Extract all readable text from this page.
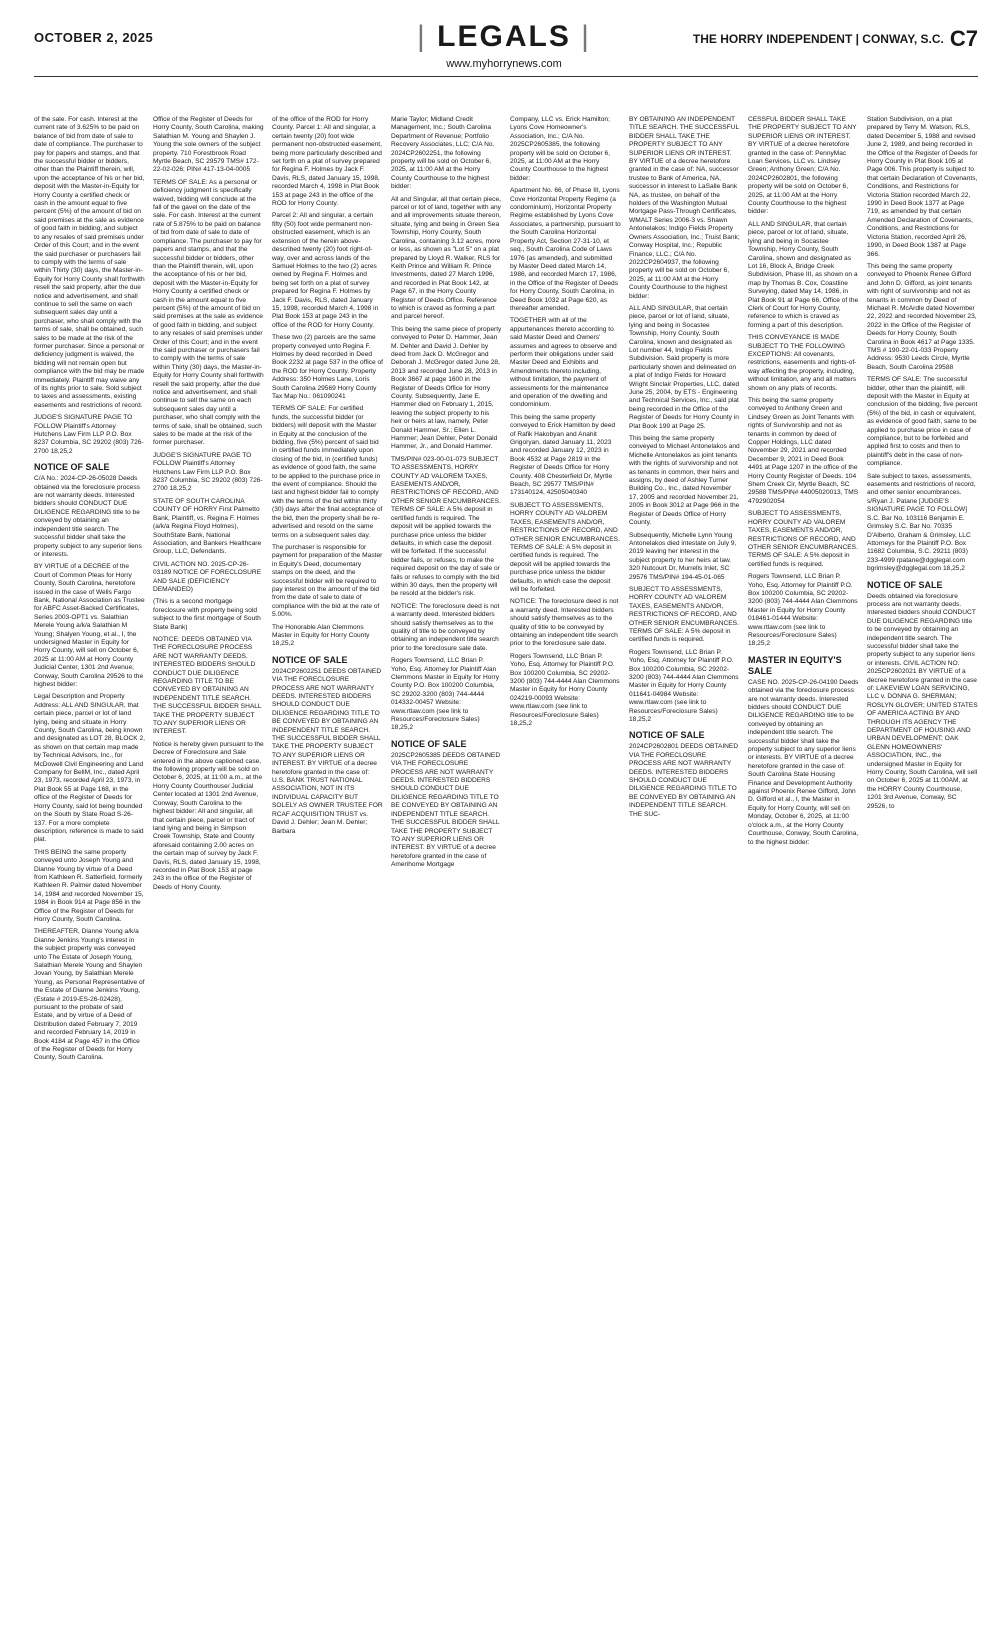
OCTOBER 2, 2025	| LEGALS |	THE HORRY INDEPENDENT | CONWAY, S.C. C7
www.myhorrynews.com

of the sale. For cash. Interest at the current rate of 3.625% to be paid on balance of bid from date of sale to date of compliance. The purchaser to pay for papers and stamps, and that the successful bidder or bidders, other than the Plaintiff therein, will, upon the acceptance of his or her bid, deposit with the Master-in-Equity for Horry County a certified check or cash in the amount equal to five percent (5%) of the amount of bid on said premises at the sale as evidence of good faith in bidding, and subject to any resales of said premises under Order of this Court; and in the event the said purchaser or purchasers fail to comply with the terms of sale within Thirty (30) days, the Master-in-Equity for Horry County shall forthwith resell the said property, after the due notice and advertisement, and shall continue to sell the same on each subsequent sales day until a purchaser, who shall comply with the terms of sale, shall be obtained, such sales to be made at the risk of the former purchaser. Since a personal or deficiency judgment is waived, the bidding will not remain open but compliance with the bid may be made immediately. Plaintiff may waive any of its rights prior to sale. Sold subject to taxes and assessments, existing easements and restrictions of record.

JUDGE'S SIGNATURE PAGE TO FOLLOW Plaintiff's Attorney Hutchens Law Firm LLP P.O. Box 8237 Columbia, SC 29202 (803) 726-2700 18,25,2

NOTICE OF SALE

C/A No.: 2024-CP-26-05028 Deeds obtained via the foreclosure process are not warranty deeds. Interested bidders should CONDUCT DUE DILIGENCE REGARDING title to be conveyed by obtaining an independent title search. The successful bidder shall take the property subject to any superior liens or interests.

BY VIRTUE of a DECREE of the Court of Common Pleas for Horry County, South Carolina, heretofore issued in the case of Wells Fargo Bank, National Association as Trustee for ABFC Asset-Backed Certificates, Series 2003-OPT1 vs. Salathian Merele Young a/k/a Salathian M Young; Shalyen Young, et al., I, the undersigned Master in Equity for Horry County, will sell on October 6, 2025 at 11:00 AM at Horry County Judicial Center, 1301 2nd Avenue, Conway, South Carolina 29526 to the highest bidder:

Legal Description and Property Address: ALL AND SINGULAR, that certain piece, parcel or lot of land lying, being and situate in Horry County, South Carolina, being known and designated as LOT 28, BLOCK 2, as shown on that certain map made by Technical Advisors, Inc., for McDowell Civil Engineering and Land Company for BellM, Inc., dated April 23, 1973, recorded April 23, 1973, in Plat Book 55 at Page 168, in the office of the Register of Deeds for Horry County, said lot being bounded on the South by State Road S-26-137. For a more complete description, reference is made to said plat.

THIS BEING the same property conveyed unto Joseph Young and Dianne Young by virtue of a Deed from Kathleen R. Satterfield, formerly Kathleen R. Palmer dated November 14, 1984 and recorded November 15, 1984 in Book 914 at Page 856 in the Office of the Register of Deeds for Horry County, South Carolina.

THEREAFTER, Dianne Young a/k/a Dianne Jenkins Young's interest in the subject property was conveyed unto The Estate of Joseph Young, Salathian Merele Young and Shaylen Jovan Young, by Salathian Merele Young, as Personal Representative of the Estate of Dianne Jenkins Young, (Estate # 2019-ES-26-02428), pursuant to the probate of said Estate, and by virtue of a Deed of Distribution dated February 7, 2019 and recorded February 14, 2019 in Book 4184 at Page 457 in the Office of the Register of Deeds for Horry County, South Carolina.

Office of the Register of Deeds for Horry County, South Carolina, making Salathian M. Young and Shaylen J. Young the sole owners of the subject property. 710 Forestbrook Road Myrtle Beach, SC 29579 TMS# 172-22-02-026; PIN# 417-13-04-0005

TERMS OF SALE: As a personal or deficiency judgment is specifically waived, bidding will conclude at the fall of the gavel on the date of the sale. For cash. Interest at the current rate of 5.875% to be paid on balance of bid from date of sale to date of compliance. The purchaser to pay for papers and stamps, and that the successful bidder or bidders, other than the Plaintiff therein, will, upon the acceptance of his or her bid, deposit with the Master-in-Equity for Horry County a certified check or cash in the amount equal to five percent (5%) of the amount of bid on said premises at the sale as evidence of good faith in bidding, and subject to any resales of said premises under Order of this Court; and in the event the said purchaser or purchasers fail to comply with the terms of sale within Thirty (30) days, the Master-in-Equity for Horry County shall forthwith resell the said property, after the due notice and advertisement, and shall continue to sell the same on each subsequent sales day until a purchaser, who shall comply with the terms of sale, shall be obtained, such sales to be made at the risk of the former purchaser.

JUDGE'S SIGNATURE PAGE TO FOLLOW Plaintiff's Attorney Hutchens Law Firm LLP P.O. Box 8237 Columbia, SC 29202 (803) 726-2700 18,25,2

STATE OF SOUTH CAROLINA COUNTY OF HORRY First Palmetto Bank, Plaintiff, vs. Regina F. Holmes (a/k/a Regina Floyd Holmes), SouthState Bank, National Association, and Bankers Healthcare Group, LLC, Defendants.

CIVIL ACTION NO. 2025-CP-26-03189 NOTICE OF FORECLOSURE AND SALE (DEFICIENCY DEMANDED)

(This is a second mortgage foreclosure with property being sold subject to the first mortgage of South State Bank)

NOTICE: DEEDS OBTAINED VIA THE FORECLOSURE PROCESS ARE NOT WARRANTY DEEDS. INTERESTED BIDDERS SHOULD CONDUCT DUE DILIGENCE REGARDING TITLE TO BE CONVEYED BY OBTAINING AN INDEPENDENT TITLE SEARCH. THE SUCCESSFUL BIDDER SHALL TAKE THE PROPERTY SUBJECT TO ANY SUPERIOR LIENS OR INTEREST.

Notice is hereby given pursuant to the Decree of Foreclosure and Sale entered in the above captioned case, the following property will be sold on October 6, 2025, at 11:00 a.m., at the Horry County Courthouse/ Judicial Center located at 1301 2nd Avenue, Conway, South Carolina to the highest bidder: All and singular, all that certain piece, parcel or tract of land lying and being in Simpson Creek Township, State and County aforesaid containing 2.00 acres on the certain map of survey by Jack F. Davis, RLS, dated January 15, 1998, recorded in Plat Book 153 at page 243 in the office of the Register of Deeds of Horry County.

of the office of the ROD for Horry County. Parcel 1: All and singular, a certain twenty (20) foot wide permanent non-obstructed easement, being more particularly described and set forth on a plat of survey prepared for Regina F. Holmes by Jack F. Davis, RLS, dated January 15, 1998, recorded March 4, 1998 in Plat Book 153 at page 243 in the office of the ROD for Horry County.

Parcel 2: All and singular, a certain fifty (50) foot wide permanent non-obstructed easement, which is an extension of the herein above-described twenty (20) foot right-of-way, over and across lands of the Samuel Holmes to the two (2) acres owned by Regina F. Holmes and being set forth on a plat of survey prepared for Regina F. Holmes by Jack F. Davis, RLS, dated January 15, 1998, recorded March 4, 1998 in Plat Book 153 at page 243 in the office of the ROD for Horry County.

These two (2) parcels are the same property conveyed unto Regina F. Holmes by deed recorded in Deed Book 2232 at page 537 in the office of the ROD for Horry County. Property Address: 350 Holmes Lane, Loris South Carolina 29569 Horry County Tax Map No.: 061090241

TERMS OF SALE: For certified funds, the successful bidder (or bidders) will deposit with the Master in Equity at the conclusion of the bidding, five (5%) percent of said bid in certified funds immediately upon closing of the bid, in (certified funds) as evidence of good faith, the same to be applied to the purchase price in the event of compliance. Should the last and highest bidder fail to comply with the terms of the bid within thirty (30) days after the final acceptance of the bid, then the property shall be re-advertised and resold on the same terms on a subsequent sales day.

The purchaser is responsible for payment for preparation of the Master in Equity's Deed, documentary stamps on the deed, and the successful bidder will be required to pay interest on the amount of the bid from the date of sale to date of compliance with the bid at the rate of 5.00%.

The Honorable Alan Clemmons Master in Equity for Horry County 18,25,2

NOTICE OF SALE

2024CP2602251 DEEDS OBTAINED VIA THE FORECLOSURE PROCESS ARE NOT WARRANTY DEEDS. INTERESTED BIDDERS SHOULD CONDUCT DUE DILIGENCE REGARDING TITLE TO BE CONVEYED BY OBTAINING AN INDEPENDENT TITLE SEARCH. THE SUCCESSFUL BIDDER SHALL TAKE THE PROPERTY SUBJECT TO ANY SUPERIOR LIENS OR INTEREST. BY VIRTUE of a decree heretofore granted in the case of: U.S. BANK TRUST NATIONAL ASSOCIATION, NOT IN ITS INDIVIDUAL CAPACITY BUT SOLELY AS OWNER TRUSTEE FOR RCAF ACQUISITION TRUST vs. David J. Dehler; Jean M. Dehler; Barbara

Marie Taylor; Midland Credit Management, Inc.; South Carolina Department of Revenue; Portfolio Recovery Associates, LLC; C/A No. 2024CP2602251, the following property will be sold on October 6, 2025, at 11:00 AM at the Horry County Courthouse to the highest bidder:

All and Singular, all that certain piece, parcel or lot of land, together with any and all improvements situate thereon, situate, lying and being in Green Sea Township, Horry County, South Carolina, containing 3.12 acres, more or less, as shown as "Lot 5" on a plat prepared by Lloyd R. Walker, RLS for Keith Prince and William R. Prince Investments, dated 27 March 1996, and recorded in Plat Book 142, at Page 67, in the Horry County Register of Deeds Office. Reference to which is craved as forming a part and parcel hereof.

This being the same piece of property conveyed to Peter D. Hammer, Jean M. Dehler and David J. Dehler by deed from Jack D. McGregor and Deborah J. McGregor dated June 28, 2013 and recorded June 28, 2013 in Book 3667 at page 1600 in the Register of Deeds Office for Horry County. Subsequently, Jane E. Hammer died on February 1, 2015, leaving the subject property to his heir or heirs at law, namely, Peter Donald Hammer, Sr.; Ellen L. Hammer; Jean Dehler, Peter Donald Hammer, Jr., and Donald Hammer.

TMS/PIN# 023-00-01-073 SUBJECT TO ASSESSMENTS, HORRY COUNTY AD VALOREM TAXES, EASEMENTS AND/OR, RESTRICTIONS OF RECORD, AND OTHER SENIOR ENCUMBRANCES. TERMS OF SALE: A 5% deposit in certified funds is required. The deposit will be applied towards the purchase price unless the bidder defaults, in which case the deposit will be forfeited. If the successful bidder fails, or refuses, to make the required deposit on the day of sale or fails or refuses to comply with the bid within 30 days, then the property will be resold at the bidder's risk.

NOTICE: The foreclosure deed is not a warranty deed. Interested bidders should satisfy themselves as to the quality of title to be conveyed by obtaining an independent title search prior to the foreclosure sale date.

Rogers Townsend, LLC Brian P. Yoho, Esq. Attorney for Plaintiff Alan Clemmons Master in Equity for Horry County P.O. Box 100200 Columbia, SC 29202-3200 (803) 744-4444 014332-00457 Website: www.rtlaw.com (see link to Resources/Foreclosure Sales) 18,25,2

NOTICE OF SALE

2025CP2605385 DEEDS OBTAINED VIA THE FORECLOSURE PROCESS ARE NOT WARRANTY DEEDS. INTERESTED BIDDERS SHOULD CONDUCT DUE DILIGENCE REGARDING TITLE TO BE CONVEYED BY OBTAINING AN INDEPENDENT TITLE SEARCH. THE SUCCESSFUL BIDDER SHALL TAKE THE PROPERTY SUBJECT TO ANY SUPERIOR LIENS OR INTEREST. BY VIRTUE of a decree heretofore granted in the case of Amerihome Mortgage

Company, LLC vs. Erick Hamilton; Lyons Cove Homeowner's Association, Inc.; C/A No. 2025CP2605385, the following property will be sold on October 6, 2025, at 11:00 AM at the Horry County Courthouse to the highest bidder:

Apartment No. 66, of Phase III, Lyons Cove Horizontal Property Regime (a condominium), Horizontal Property Regime established by Lyons Cove Associates, a partnership, pursuant to the South Carolina Horizontal Property Act, Section 27-31-10, et seq., South Carolina Code of Laws 1976 (as amended), and submitted by Master Deed dated March 14, 1986, and recorded March 17, 1986, in the Office of the Register of Deeds for Horry County, South Carolina, in Deed Book 1032 at Page 620, as thereafter amended.

TOGETHER with all of the appurtenances thereto according to said Master Deed and Owners' assumes and agrees to observe and perform their obligations under said Master Deed and Exhibits and Amendments thereto including, without limitation, the payment of assessments for the maintenance and operation of the dwelling and condominium.

This being the same property conveyed to Erick Hamilton by deed of Rafik Hakobyan and Anahit Grigoryan, dated January 11, 2023 and recorded January 12, 2023 in Book 4532 at Page 2819 in the Register of Deeds Office for Horry County. 408 Chesterfield Dr, Myrtle Beach, SC 29577 TMS/PIN# 173140124, 42505040340

SUBJECT TO ASSESSMENTS, HORRY COUNTY AD VALOREM TAXES, EASEMENTS AND/OR, RESTRICTIONS OF RECORD, AND OTHER SENIOR ENCUMBRANCES. TERMS OF SALE: A 5% deposit in certified funds is required. The deposit will be applied towards the purchase price unless the bidder defaults, in which case the deposit will be forfeited.

NOTICE: The foreclosure deed is not a warranty deed. Interested bidders should satisfy themselves as to the quality of title to be conveyed by obtaining an independent title search prior to the foreclosure sale date.

Rogers Townsend, LLC Brian P. Yoho, Esq. Attorney for Plaintiff P.O. Box 100200 Columbia, SC 29202-3200 (803) 744-4444 Alan Clemmons Master in Equity for Horry County 024219-00093 Website: www.rtlaw.com (see link to Resources/Foreclosure Sales) 18,25,2

BY OBTAINING AN INDEPENDENT TITLE SEARCH. THE SUCCESSFUL BIDDER SHALL TAKE THE PROPERTY SUBJECT TO ANY SUPERIOR LIENS OR INTEREST. BY VIRTUE of a decree heretofore granted in the case of: NA, successor trustee to Bank of America, NA, successor in interest to LaSalle Bank NA, as trustee, on behalf of the holders of the Washington Mutual Mortgage Pass-Through Certificates, WMALT Series 2006-3 vs. Shawn Antonelakos; Indigo Fields Property Owners Association, Inc.; Truist Bank; Conway Hospital, Inc.; Republic Finance, LLC.; C/A No. 2022CP2604937, the following property will be sold on October 6, 2025, at 11:00 AM at the Horry County Courthouse to the highest bidder:

ALL AND SINGULAR, that certain piece, parcel or lot of land, situate, lying and being in Socastee Township, Horry County, South Carolina, known and designated as Lot number 44, Indigo Fields Subdivision. Said property is more particularly shown and delineated on a plat of Indigo Fields for Howard Wright Sinclair Properties, LLC, dated June 25, 2004, by ETS - Engineering and Technical Services, Inc., said plat being recorded in the Office of the Register of Deeds for Horry County in Plat Book 199 at Page 25.

This being the same property conveyed to Michael Antonelakos and Michelle Antonelakos as joint tenants with the rights of survivorship and not as tenants in common, their heirs and assigns, by deed of Ashley Turner Building Co., Inc., dated November 17, 2005 and recorded November 21, 2005 in Book 3012 at Page 966 in the Register of Deeds Office of Horry County.

Subsequently, Michelle Lynn Young Antonelakos died intestate on July 9, 2019 leaving her interest in the subject property to her heirs at law. 320 Nutcourt Dr, Murrells Inlet, SC 29576 TMS/PIN# 194-45-01-065

SUBJECT TO ASSESSMENTS, HORRY COUNTY AD VALOREM TAXES, EASEMENTS AND/OR, RESTRICTIONS OF RECORD, AND OTHER SENIOR ENCUMBRANCES. TERMS OF SALE: A 5% deposit in certified funds is required.

Rogers Townsend, LLC Brian P. Yoho, Esq. Attorney for Plaintiff P.O. Box 100200 Columbia, SC 29202-3200 (803) 744-4444 Alan Clemmons Master in Equity for Horry County 011641-04984 Website: www.rtlaw.com (see link to Resources/Foreclosure Sales) 18,25,2

NOTICE OF SALE

2024CP2602801 DEEDS OBTAINED VIA THE FORECLOSURE PROCESS ARE NOT WARRANTY DEEDS. INTERESTED BIDDERS SHOULD CONDUCT DUE DILIGENCE REGARDING TITLE TO BE CONVEYED BY OBTAINING AN INDEPENDENT TITLE SEARCH. THE SUC-

CESSFUL BIDDER SHALL TAKE THE PROPERTY SUBJECT TO ANY SUPERIOR LIENS OR INTEREST. BY VIRTUE of a decree heretofore granted in the case of: PennyMac Loan Services, LLC vs. Lindsey Green; Anthony Green; C/A No. 2024CP2602801, the following property will be sold on October 6, 2025, at 11:00 AM at the Horry County Courthouse to the highest bidder:

ALL AND SINGULAR, that certain piece, parcel or lot of land, situate, lying and being in Socastee Township, Horry County, South Carolina, shown and designated as Lot 16, Block A, Bridge Creek Subdivision, Phase III, as shown on a map by Thomas B. Cox, Coastline Surveying, dated May 14, 1986, in Plat Book 91 at Page 66, Office of the Clerk of Court for Horry County, reference to which is craved as forming a part of this description.

THIS CONVEYANCE IS MADE SUBJECT TO THE FOLLOWING EXCEPTIONS: All covenants, restrictions, easements and rights-of-way affecting the property, including, without limitation, any and all matters shown on any plats of records.

This being the same property conveyed to Anthony Green and Lindsey Green as Joint Tenants with rights of Survivorship and not as tenants in common by deed of Copper Holdings, LLC dated November 29, 2021 and recorded December 9, 2021 in Deed Book 4491 at Page 1207 in the office of the Horry County Register of Deeds. 104 Shem Creek Cir, Myrtle Beach, SC 29588 TMS/PIN# 44005020013, TMS 4792902054

SUBJECT TO ASSESSMENTS, HORRY COUNTY AD VALOREM TAXES, EASEMENTS AND/OR, RESTRICTIONS OF RECORD, AND OTHER SENIOR ENCUMBRANCES. TERMS OF SALE: A 5% deposit in certified funds is required.

Rogers Townsend, LLC Brian P. Yoho, Esq. Attorney for Plaintiff P.O. Box 100200 Columbia, SC 29202-3200 (803) 744-4444 Alan Clemmons Master in Equity for Horry County 018461-01444 Website: www.rtlaw.com (see link to Resources/Foreclosure Sales) 18,25,2

MASTER IN EQUITY'S SALE

CASE NO. 2025-CP-26-04190 Deeds obtained via the foreclosure process are not warranty deeds. Interested bidders should CONDUCT DUE DILIGENCE REGARDING title to be conveyed by obtaining an independent title search. The successful bidder shall take the property subject to any superior liens or interests. BY VIRTUE of a decree heretofore granted in the case of: South Carolina State Housing Finance and Development Authority against Phoenix Renee Gifford, John D. Gifford et al., I, the Master in Equity for Horry County, will sell on Monday, October 6, 2025, at 11:00 o'clock a.m., at the Horry County Courthouse, Conway, South Carolina, to the highest bidder:

Station Subdivision, on a plat prepared by Terry M. Watson, RLS, dated December 5, 1988 and revised June 2, 1989, and being recorded in the Office of the Register of Deeds for Horry County in Plat Book 105 at Page 006. This property is subject to that certain Declaration of Covenants, Conditions, and Restrictions for Victoria Station recorded March 22, 1990 in Deed Book 1377 at Page 719, as amended by that certain Amended Declaration of Covenants, Conditions, and Restrictions for Victoria Station, recorded April 26, 1990, in Deed Book 1387 at Page 366.

This being the same property conveyed to Phoenix Renee Gifford and John D. Gifford, as joint tenants with right of survivorship and not as tenants in common by Deed of Michael R. McArdle dated November 22, 2022 and recorded November 23, 2022 in the Office of the Register of Deeds for Horry County, South Carolina in Book 4617 at Page 1335. TMS # 190-22-01-033 Property Address: 9530 Leeds Circle, Myrtle Beach, South Carolina 29588

TERMS OF SALE: The successful bidder, other than the plaintiff, will deposit with the Master in Equity at conclusion of the bidding, five percent (5%) of the bid, in cash or equivalent, as evidence of good faith, same to be applied to purchase price in case of compliance, but to be forfeited and applied first to costs and then to plaintiff's debt in the case of non-compliance.

Sale subject to taxes, assessments, easements and restrictions of record, and other senior encumbrances. s/Ryan J. Patane [JUDGE'S SIGNATURE PAGE TO FOLLOW] S.C. Bar No. 103116 Benjamin E. Grimsley S.C. Bar No. 70335 D'Alberto, Graham & Grimsley, LLC Attorneys for the Plaintiff P.O. Box 11682 Columbia, S.C. 29211 (803) 233-4999 rpatane@dgglegal.com bgrimsley@dgglegal.com 18,25,2

NOTICE OF SALE

Deeds obtained via foreclosure process are not warranty deeds. Interested bidders should CONDUCT DUE DILIGENCE REGARDING title to be conveyed by obtaining an independent title search. The successful bidder shall take the property subject to any superior liens or interests. CIVIL ACTION NO. 2025CP2602021 BY VIRTUE of a decree heretofore granted in the case of: LAKEVIEW LOAN SERVICING, LLC v. DONNA G. SHERMAN; ROSLYN GLOVER; UNITED STATES OF AMERICA ACTING BY AND THROUGH ITS AGENCY THE DEPARTMENT OF HOUSING AND URBAN DEVELOPMENT; OAK GLENN HOMEOWNERS' ASSOCIATION, INC., the undersigned Master in Equity for Horry County, South Carolina, will sell on October 6, 2025 at 11:00AM, at the HORRY County Courthouse, 1201 3rd Avenue, Conway, SC 29526, to
